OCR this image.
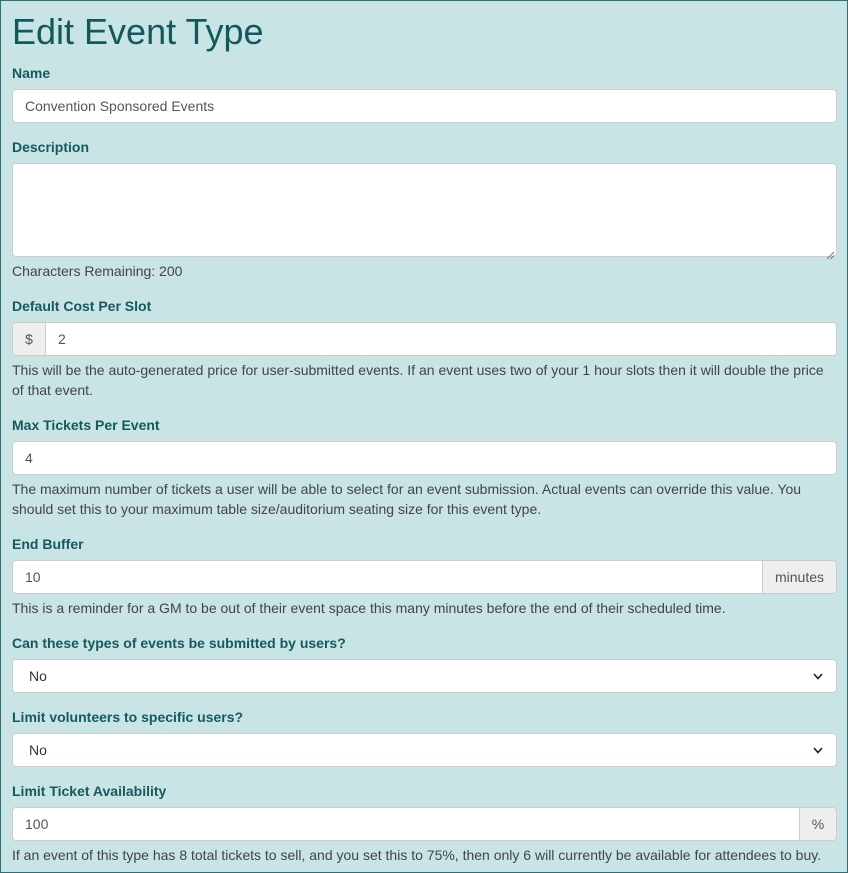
Edit Event Type
Name
Convention Sponsored Events
Description
Characters Remaining: 200
Default Cost Per Slot
$	2
This will be the auto-generated price for user-submitted events. If an event uses two of your 1 hour slots then it will double the price of that event.
Max Tickets Per Event
4
The maximum number of tickets a user will be able to select for an event submission. Actual events can override this value. You should set this to your maximum table size/auditorium seating size for this event type.
End Buffer
10	minutes
This is a reminder for a GM to be out of their event space this many minutes before the end of their scheduled time.
Can these types of events be submitted by users?
No
Limit volunteers to specific users?
No
Limit Ticket Availability
100	%
If an event of this type has 8 total tickets to sell, and you set this to 75%, then only 6 will currently be available for attendees to buy.
